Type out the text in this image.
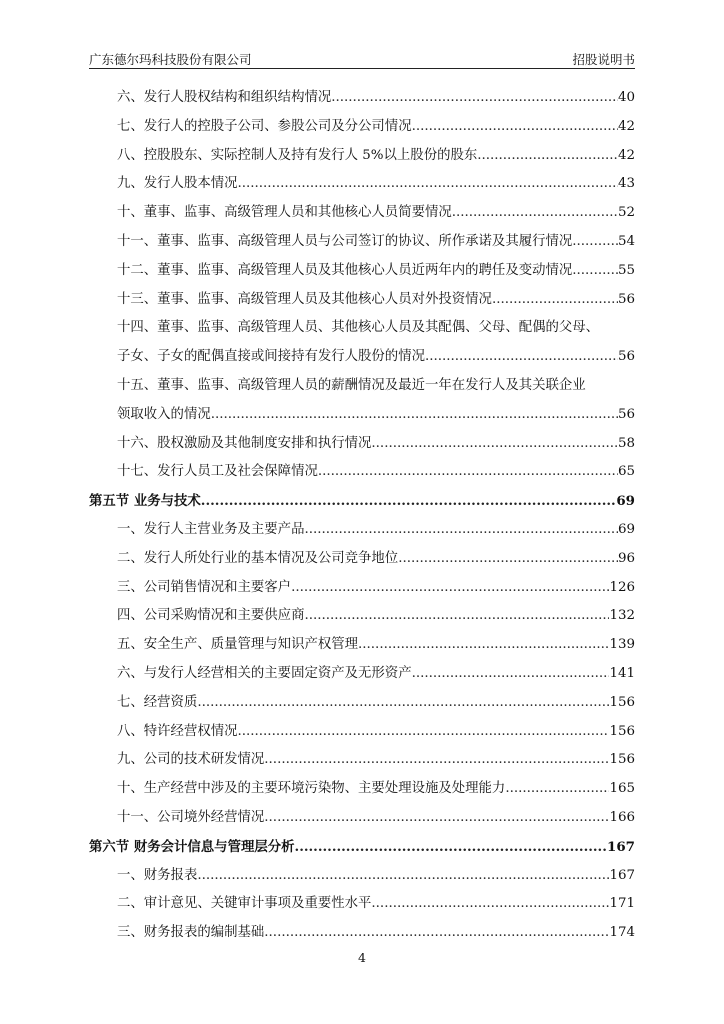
广东德尔玛科技股份有限公司	招股说明书
六、发行人股权结构和组织结构情况 .....	40
七、发行人的控股子公司、参股公司及分公司情况 .....	42
八、控股股东、实际控制人及持有发行人 5%以上股份的股东 .....	42
九、发行人股本情况 .....	43
十、董事、监事、高级管理人员和其他核心人员简要情况 .....	52
十一、董事、监事、高级管理人员与公司签订的协议、所作承诺及其履行情况 .....	54
十二、董事、监事、高级管理人员及其他核心人员近两年内的聘任及变动情况 .....	55
十三、董事、监事、高级管理人员及其他核心人员对外投资情况 .....	56
十四、董事、监事、高级管理人员、其他核心人员及其配偶、父母、配偶的父母、
子女、子女的配偶直接或间接持有发行人股份的情况 .....	56
十五、董事、监事、高级管理人员的薪酬情况及最近一年在发行人及其关联企业
领取收入的情况 .....	56
十六、股权激励及其他制度安排和执行情况 .....	58
十七、发行人员工及社会保障情况 .....	65
第五节 业务与技术 .....	69
一、发行人主营业务及主要产品 .....	69
二、发行人所处行业的基本情况及公司竞争地位 .....	96
三、公司销售情况和主要客户 .....	126
四、公司采购情况和主要供应商 .....	132
五、安全生产、质量管理与知识产权管理 .....	139
六、与发行人经营相关的主要固定资产及无形资产 .....	141
七、经营资质 .....	156
八、特许经营权情况 .....	156
九、公司的技术研发情况 .....	156
十、生产经营中涉及的主要环境污染物、主要处理设施及处理能力 .....	165
十一、公司境外经营情况 .....	166
第六节 财务会计信息与管理层分析 .....	167
一、财务报表 .....	167
二、审计意见、关键审计事项及重要性水平 .....	171
三、财务报表的编制基础 .....	174
4
